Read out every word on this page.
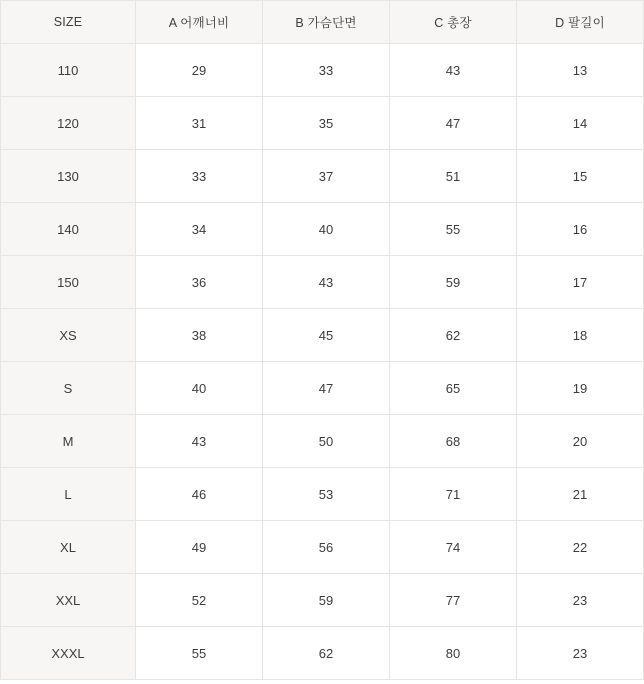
SIZE	A 어깨너비	B 가슴단면	C 총장	D 팔길이
110	29	33	43	13
120	31	35	47	14
130	33	37	51	15
140	34	40	55	16
150	36	43	59	17
XS	38	45	62	18
S	40	47	65	19
M	43	50	68	20
L	46	53	71	21
XL	49	56	74	22
XXL	52	59	77	23
XXXL	55	62	80	23
